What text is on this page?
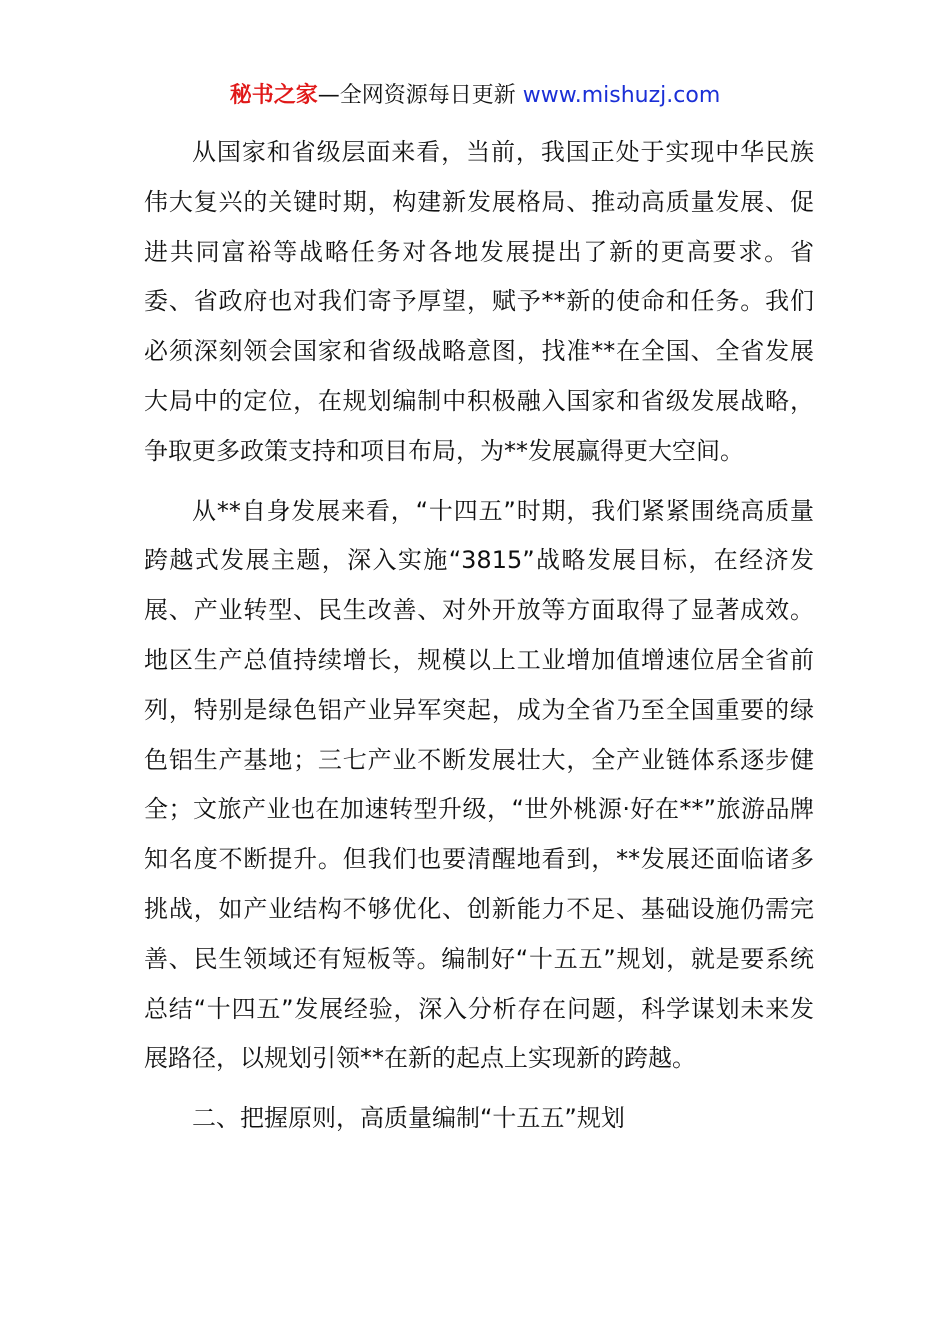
秘书之家—全网资源每日更新 www.mishuzj.com

从国家和省级层面来看，当前，我国正处于实现中华民族伟大复兴的关键时期，构建新发展格局、推动高质量发展、促进共同富裕等战略任务对各地发展提出了新的更高要求。省委、省政府也对我们寄予厚望，赋予**新的使命和任务。我们必须深刻领会国家和省级战略意图，找准**在全国、全省发展大局中的定位，在规划编制中积极融入国家和省级发展战略，争取更多政策支持和项目布局，为**发展赢得更大空间。

从**自身发展来看，“十四五”时期，我们紧紧围绕高质量跨越式发展主题，深入实施“3815”战略发展目标，在经济发展、产业转型、民生改善、对外开放等方面取得了显著成效。地区生产总值持续增长，规模以上工业增加值增速位居全省前列，特别是绿色铝产业异军突起，成为全省乃至全国重要的绿色铝生产基地；三七产业不断发展壮大，全产业链体系逐步健全；文旅产业也在加速转型升级，“世外桃源·好在**”旅游品牌知名度不断提升。但我们也要清醒地看到，**发展还面临诸多挑战，如产业结构不够优化、创新能力不足、基础设施仍需完善、民生领域还有短板等。编制好“十五五”规划，就是要系统总结“十四五”发展经验，深入分析存在问题，科学谋划未来发展路径，以规划引领**在新的起点上实现新的跨越。

二、把握原则，高质量编制“十五五”规划
